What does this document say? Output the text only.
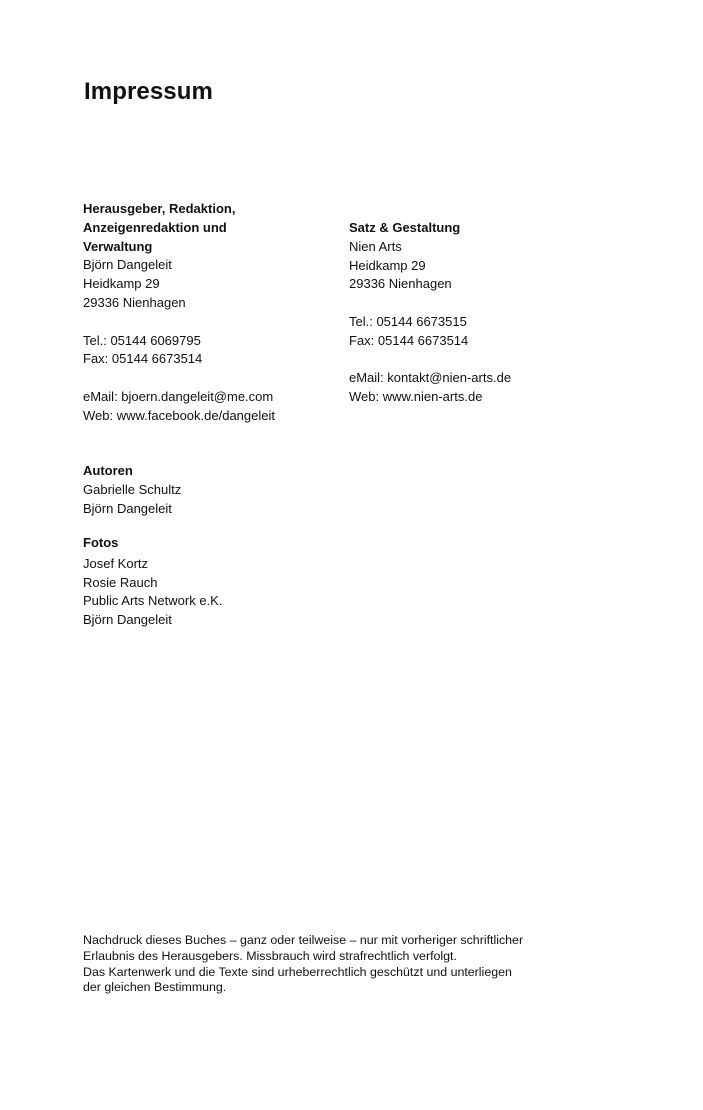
Impressum
Herausgeber, Redaktion,
Anzeigenredaktion und
Verwaltung
Björn Dangeleit
Heidkamp 29
29336 Nienhagen
Tel.: 05144 6069795
Fax: 05144 6673514
eMail: bjoern.dangeleit@me.com
Web: www.facebook.de/dangeleit
Satz & Gestaltung
Nien Arts
Heidkamp 29
29336 Nienhagen
Tel.: 05144 6673515
Fax: 05144 6673514
eMail: kontakt@nien-arts.de
Web: www.nien-arts.de
Autoren
Gabrielle Schultz
Björn Dangeleit
Fotos
Josef Kortz
Rosie Rauch
Public Arts Network e.K.
Björn Dangeleit
Nachdruck dieses Buches – ganz oder teilweise – nur mit vorheriger schriftlicher
Erlaubnis des Herausgebers. Missbrauch wird strafrechtlich verfolgt.
Das Kartenwerk und die Texte sind urheberrechtlich geschützt und unterliegen
der gleichen Bestimmung.
